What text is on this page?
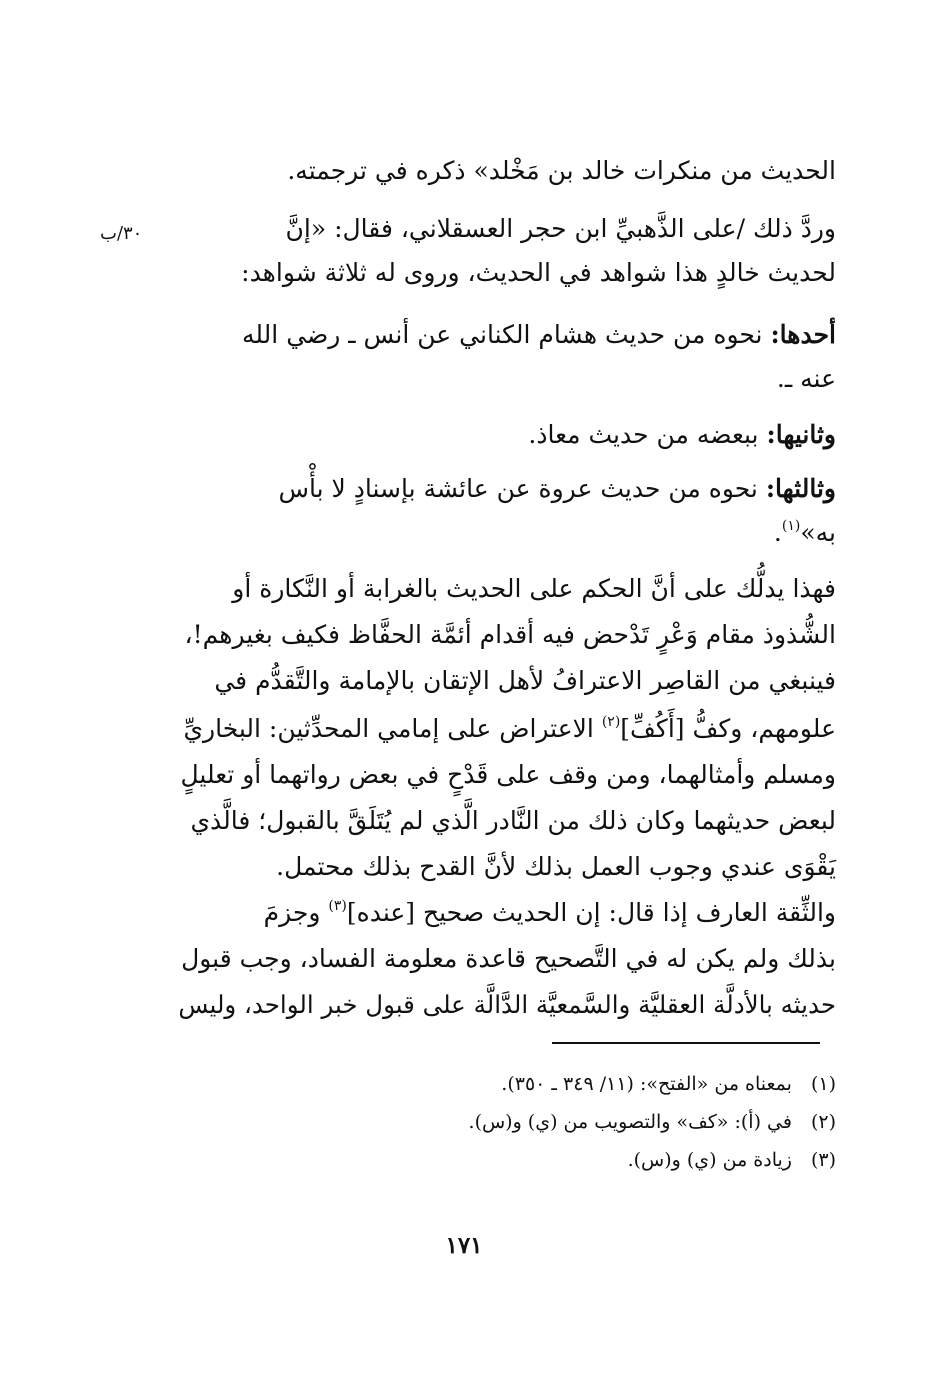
الحديث من منكرات خالد بن مَخْلد» ذكره في ترجمته.
وردَّ ذلك /على الذَّهبيِّ ابن حجر العسقلاني، فقال: «إنَّ
٣٠/ب
لحديث خالدٍ هذا شواهد في الحديث، وروى له ثلاثة شواهد:
أحدها: نحوه من حديث هشام الكناني عن أنس ـ رضي الله
عنه ـ.
وثانيها: ببعضه من حديث معاذ.
وثالثها: نحوه من حديث عروة عن عائشة بإسنادٍ لا بأْس
به»$^{(١)}$.
فهذا يدلُّك على أنَّ الحكم على الحديث بالغرابة أو النَّكارة أو
الشُّذوذ مقام وَعْرٍ تَدْحض فيه أقدام أئمَّة الحفَّاظ فكيف بغيرهم!،
فينبغي من القاصِر الاعترافُ لأهل الإتقان بالإمامة والتَّقدُّم في
علومهم، وكفُّ [أَكُفِّ]$^{(٢)}$ الاعتراض على إمامي المحدِّثين: البخاريِّ
ومسلم وأمثالهما، ومن وقف على قَدْحٍ في بعض رواتهما أو تعليلٍ
لبعض حديثهما وكان ذلك من النَّادر الَّذي لم يُتَلَقَّ بالقبول؛ فالَّذي
يَقْوَى عندي وجوب العمل بذلك لأنَّ القدح بذلك محتمل.
والثِّقة العارف إذا قال: إن الحديث صحيح [عنده]$^{(٣)}$ وجزمَ
بذلك ولم يكن له في التَّصحيح قاعدة معلومة الفساد، وجب قبول
حديثه بالأدلَّة العقليَّة والسَّمعيَّة الدَّالَّة على قبول خبر الواحد، وليس
(١) بمعناه من «الفتح»: (١١/ ٣٤٩ ـ ٣٥٠).
(٢) في (أ): «كف» والتصويب من (ي) و(س).
(٣) زيادة من (ي) و(س).
١٧١
